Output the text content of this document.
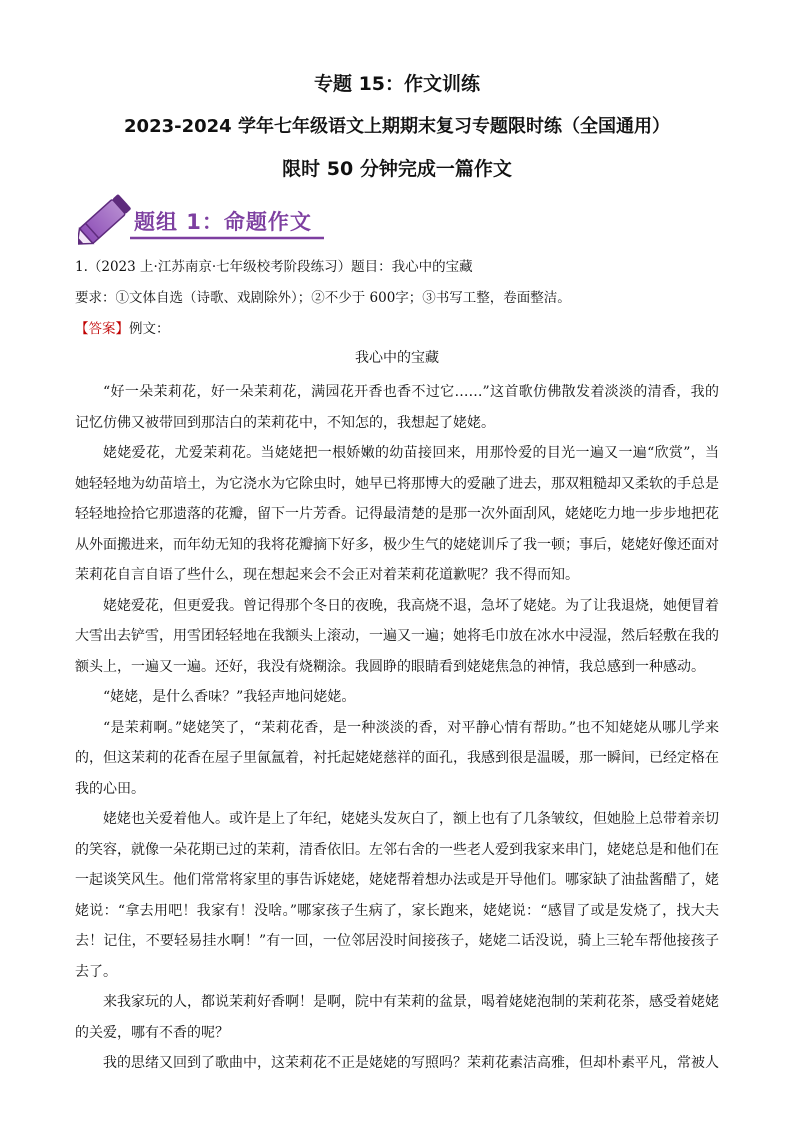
专题 15：作文训练
2023-2024 学年七年级语文上期期末复习专题限时练（全国通用）
限时 50 分钟完成一篇作文
题组 1：命题作文
1.（2023 上·江苏南京·七年级校考阶段练习）题目：我心中的宝藏
要求：①文体自选（诗歌、戏剧除外）；②不少于 600字；③书写工整，卷面整洁。
【答案】例文：
我心中的宝藏

“好一朵茉莉花，好一朵茉莉花，满园花开香也香不过它……”这首歌仿佛散发着淡淡的清香，我的记忆仿佛又被带回到那洁白的茉莉花中，不知怎的，我想起了姥姥。

姥姥爱花，尤爱茉莉花。当姥姥把一根娇嫩的幼苗接回来，用那怜爱的目光一遍又一遍“欣赏”，当她轻轻地为幼苗培土，为它浇水为它除虫时，她早已将那博大的爱融了进去，那双粗糙却又柔软的手总是轻轻地捡拾它那遗落的花瓣，留下一片芳香。记得最清楚的是那一次外面刮风，姥姥吃力地一步步地把花从外面搬进来，而年幼无知的我将花瓣摘下好多，极少生气的姥姥训斥了我一顿；事后，姥姥好像还面对茉莉花自言自语了些什么，现在想起来会不会正对着茉莉花道歉呢？我不得而知。

姥姥爱花，但更爱我。曾记得那个冬日的夜晚，我高烧不退，急坏了姥姥。为了让我退烧，她便冒着大雪出去铲雪，用雪团轻轻地在我额头上滚动，一遍又一遍；她将毛巾放在冰水中浸湿，然后轻敷在我的额头上，一遍又一遍。还好，我没有烧糊涂。我圆睁的眼睛看到姥姥焦急的神情，我总感到一种感动。

“姥姥，是什么香味？”我轻声地问姥姥。

“是茉莉啊。”姥姥笑了，“茉莉花香，是一种淡淡的香，对平静心情有帮助。”也不知姥姥从哪儿学来的，但这茉莉的花香在屋子里氤氲着，衬托起姥姥慈祥的面孔，我感到很是温暖，那一瞬间，已经定格在我的心田。

姥姥也关爱着他人。或许是上了年纪，姥姥头发灰白了，额上也有了几条皱纹，但她脸上总带着亲切的笑容，就像一朵花期已过的茉莉，清香依旧。左邻右舍的一些老人爱到我家来串门，姥姥总是和他们在一起谈笑风生。他们常常将家里的事告诉姥姥，姥姥帮着想办法或是开导他们。哪家缺了油盐酱醋了，姥姥说：“拿去用吧！我家有！没啥。”哪家孩子生病了，家长跑来，姥姥说：“感冒了或是发烧了，找大夫去！记住，不要轻易挂水啊！”有一回，一位邻居没时间接孩子，姥姥二话没说，骑上三轮车帮他接孩子去了。

来我家玩的人，都说茉莉好香啊！是啊，院中有茉莉的盆景，喝着姥姥泡制的茉莉花茶，感受着姥姥的关爱，哪有不香的呢？

我的思绪又回到了歌曲中，这茉莉花不正是姥姥的写照吗？茉莉花素洁高雅，但却朴素平凡，常被人
